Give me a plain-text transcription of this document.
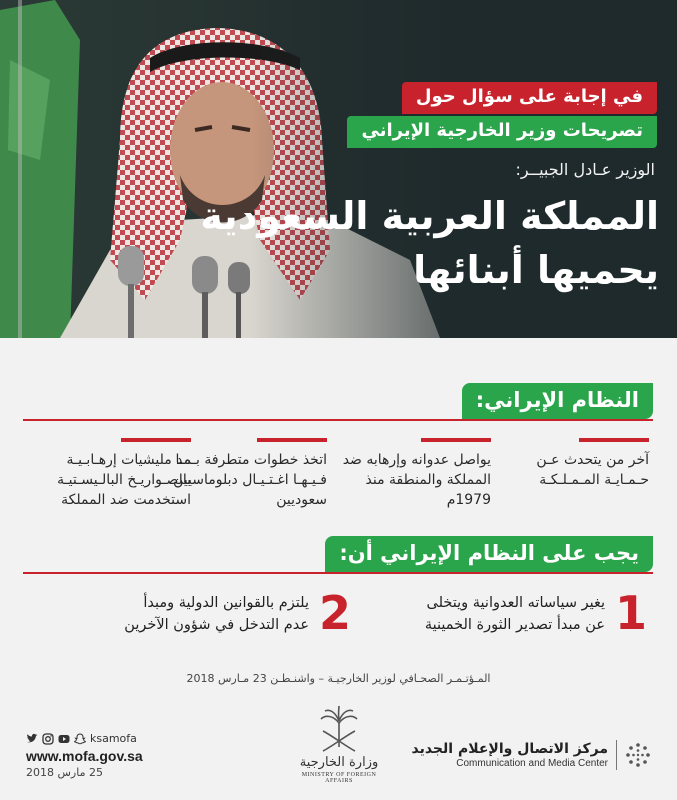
في إجابة على سؤال حول
تصريحات وزير الخارجية الإيراني
الوزير عـادل الجبيــر:
المملكة العربية السعودية
يحميها أبنائها
النظام الإيراني:
آخر من يتحدث عـن حـمـايـة المـمـلـكـة
يواصل عدوانه وإرهابه ضد المملكة والمنطقة منذ 1979م
اتخذ خطوات متطرفة بـمـا فـيـهـا اغـتـيـال دبلوماسيين سعوديين
مد مليشيات إرهـابـيـة بالصـواريـخ البالـيسـتيـة استخدمت ضد المملكة
يجب على النظام الإيراني أن:
1
يغير سياساته العدوانية ويتخلى
عن مبدأ تصدير الثورة الخمينية
2
يلتزم بالقوانين الدولية ومبدأ
عدم التدخل في شؤون الآخرين
المـؤتـمـر الصحـافي لوزير الخارجيـة – واشنـطـن 23 مـارس 2018
ksamofa
www.mofa.gov.sa
25 مارس 2018
وزارة الخارجية
MINISTRY OF FOREIGN AFFAIRS
مركز الاتصال والإعلام الجديد
Communication and Media Center
